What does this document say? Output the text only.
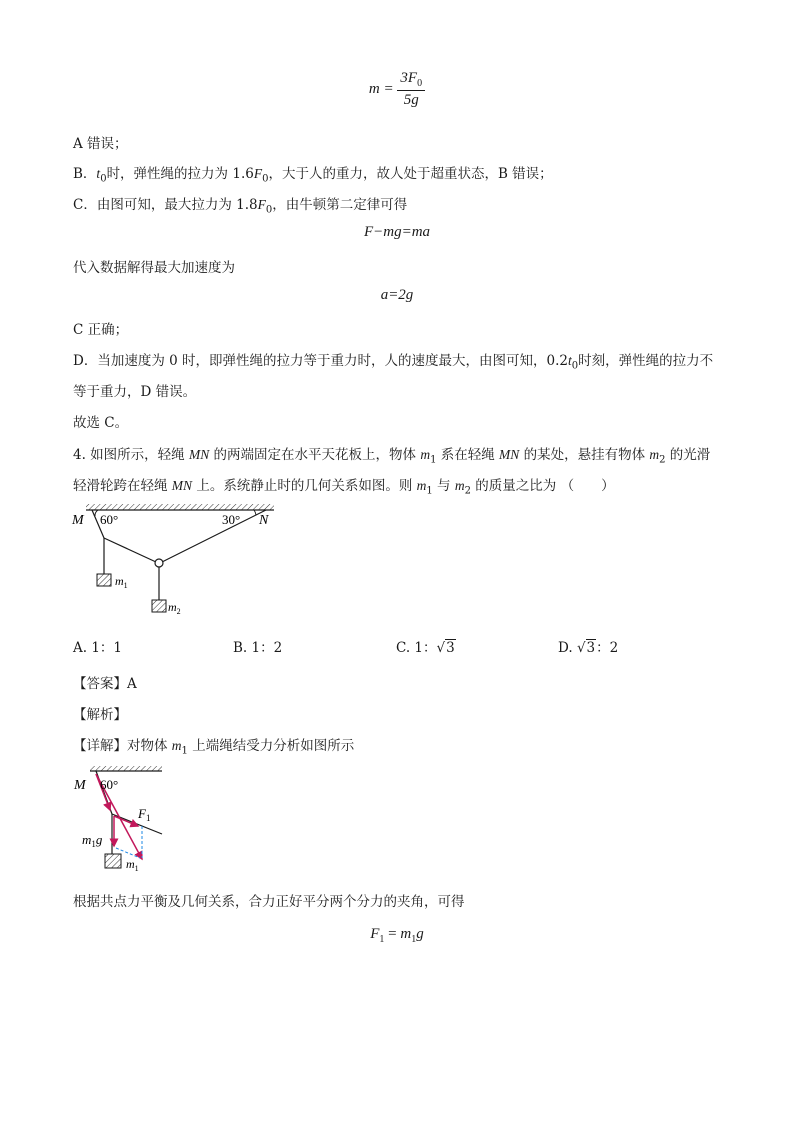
$m = \frac{3F_0}{5g}$
A 错误；
B．$t_0$时，弹性绳的拉力为 $1.6F_0$，大于人的重力，故人处于超重状态，B 错误；
C．由图可知，最大拉力为 $1.8F_0$，由牛顿第二定律可得
F−mg=ma
代入数据解得最大加速度为
a=2g
C 正确；
D．当加速度为 0 时，即弹性绳的拉力等于重力时，人的速度最大，由图可知，$0.2t_0$时刻，弹性绳的拉力不
等于重力，D 错误。
故选 C。
4. 如图所示，轻绳 MN 的两端固定在水平天花板上，物体 $m_1$ 系在轻绳 MN 的某处，悬挂有物体 $m_2$ 的光滑
轻滑轮跨在轻绳 MN 上。系统静止时的几何关系如图。则 $m_1$ 与 $m_2$ 的质量之比为 （　　）
M 60°	30° N
$m_1$
$m_2$
A. 1：1	B. 1：2	C. 1：√3	D. √3：2
【答案】A
【解析】
【详解】对物体 $m_1$ 上端绳结受力分析如图所示
M 60°
$F_1$
$m_1g$
$m_1$
根据共点力平衡及几何关系，合力正好平分两个分力的夹角，可得
$F_1 = m_1g$
